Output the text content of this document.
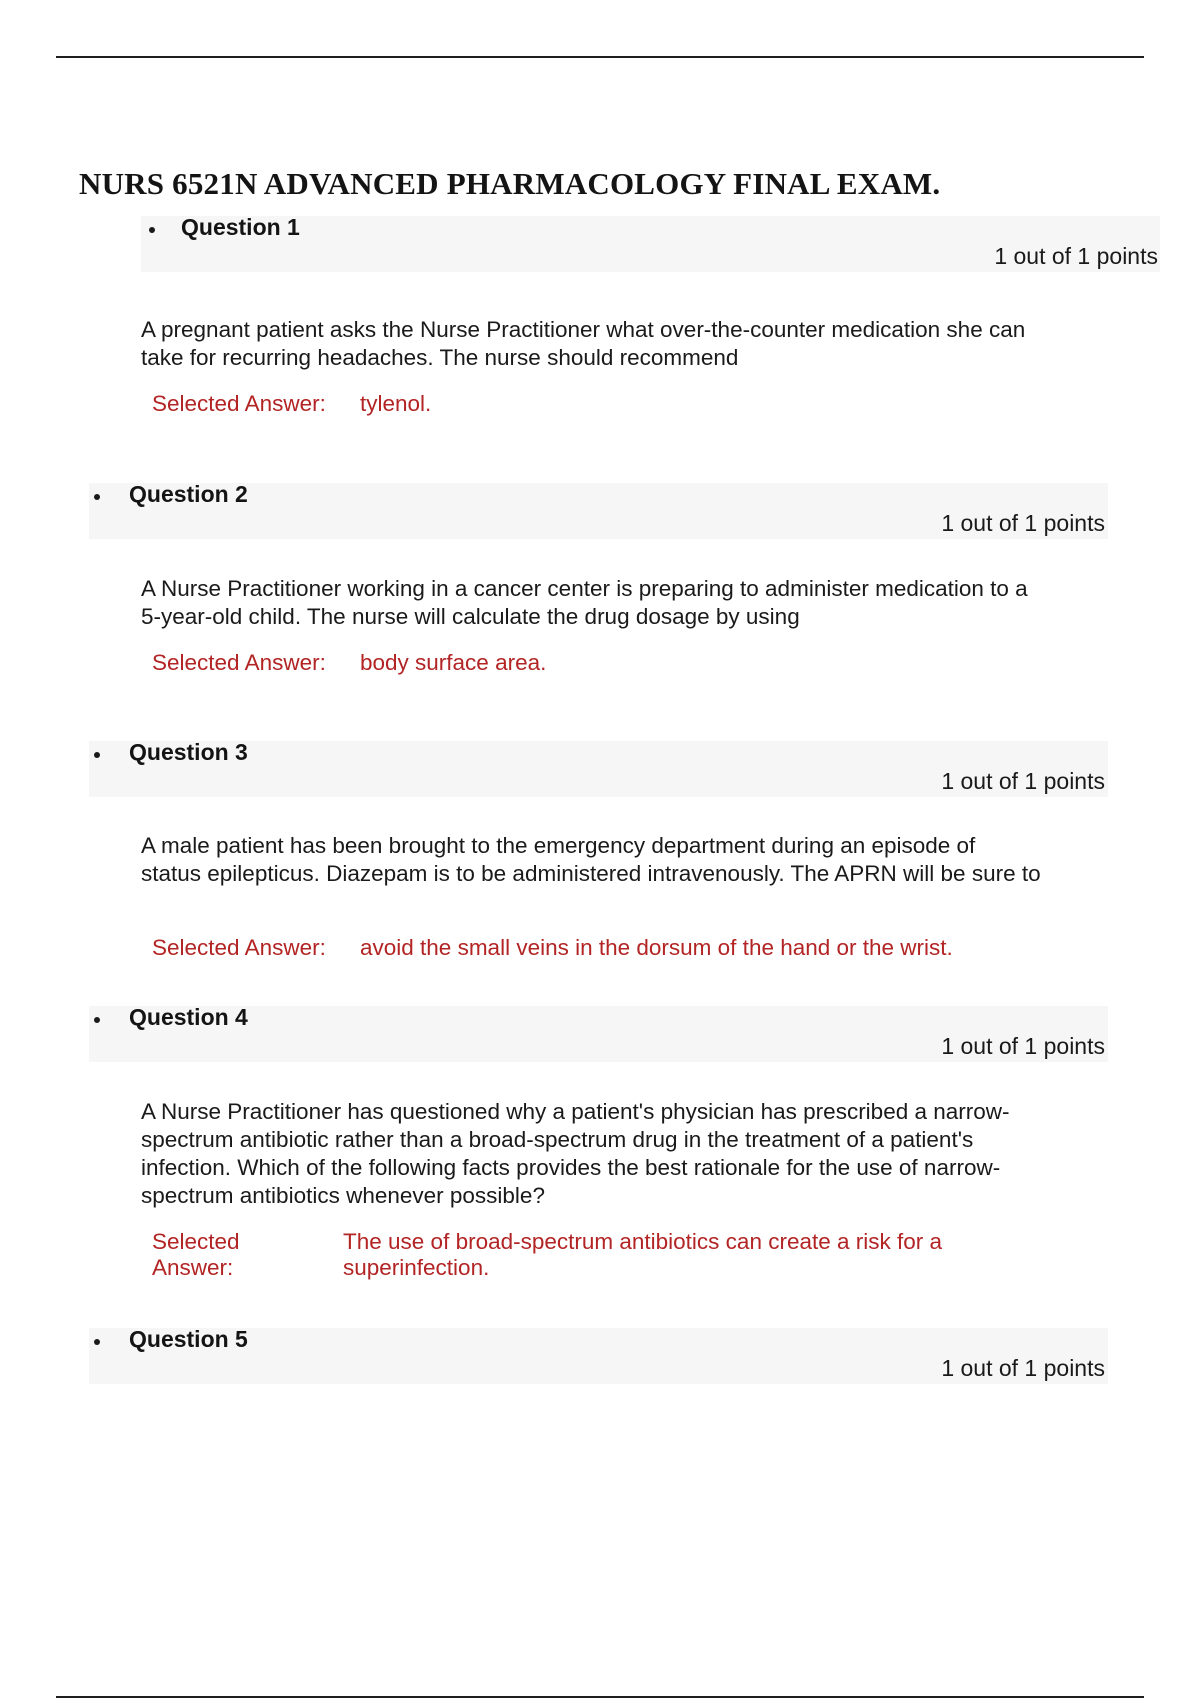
NURS 6521N ADVANCED PHARMACOLOGY FINAL EXAM.
Question 1
1 out of 1 points
A pregnant patient asks the Nurse Practitioner what over-the-counter medication she can take for recurring headaches. The nurse should recommend
Selected Answer: tylenol.
Question 2
1 out of 1 points
A Nurse Practitioner working in a cancer center is preparing to administer medication to a 5-year-old child. The nurse will calculate the drug dosage by using
Selected Answer: body surface area.
Question 3
1 out of 1 points
A male patient has been brought to the emergency department during an episode of status epilepticus. Diazepam is to be administered intravenously. The APRN will be sure to
Selected Answer: avoid the small veins in the dorsum of the hand or the wrist.
Question 4
1 out of 1 points
A Nurse Practitioner has questioned why a patient's physician has prescribed a narrow-spectrum antibiotic rather than a broad-spectrum drug in the treatment of a patient's infection. Which of the following facts provides the best rationale for the use of narrow-spectrum antibiotics whenever possible?
Selected Answer:
The use of broad-spectrum antibiotics can create a risk for a superinfection.
Question 5
1 out of 1 points
